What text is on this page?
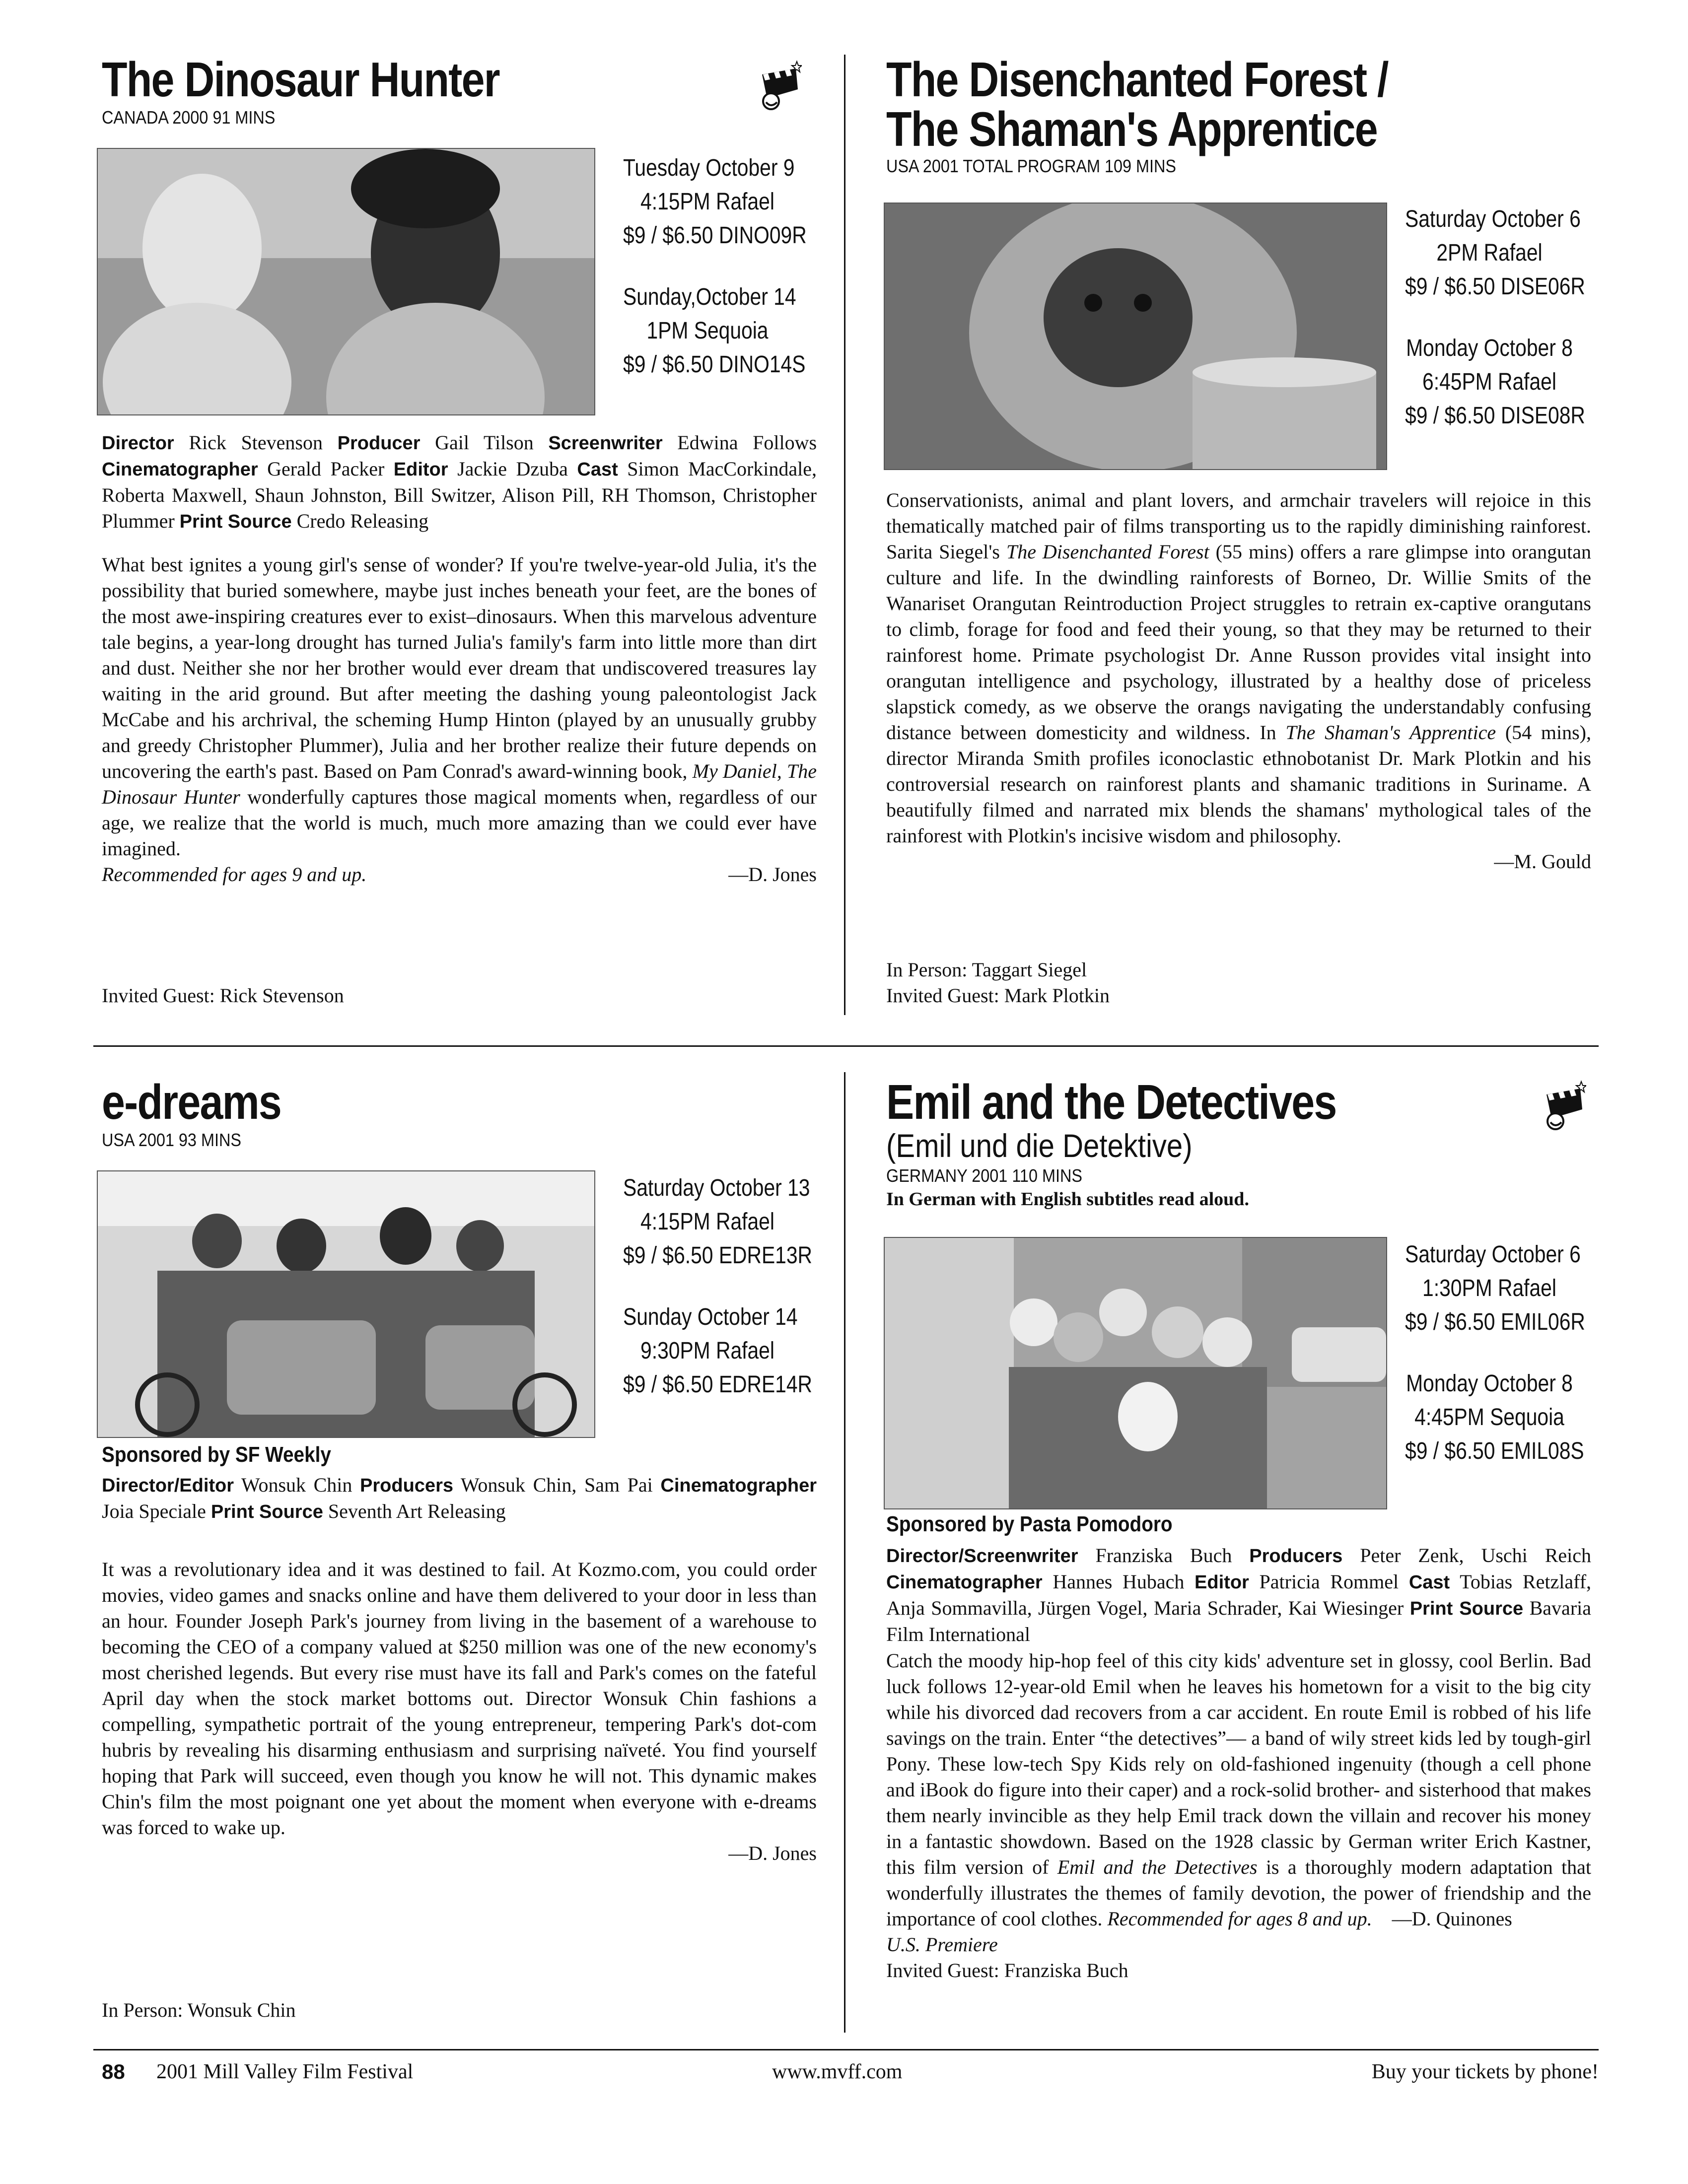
The Dinosaur Hunter
CANADA 2000 91 MINS
Tuesday October 9
4:15PM Rafael
$9 / $6.50 DINO09R
Sunday,October 14
1PM Sequoia
$9 / $6.50 DINO14S
Director Rick Stevenson Producer Gail Tilson Screenwriter Edwina Follows Cinematographer Gerald Packer Editor Jackie Dzuba Cast Simon MacCorkindale, Roberta Maxwell, Shaun Johnston, Bill Switzer, Alison Pill, RH Thomson, Christopher Plummer Print Source Credo Releasing

What best ignites a young girl's sense of wonder? If you're twelve-year-old Julia, it's the possibility that buried somewhere, maybe just inches beneath your feet, are the bones of the most awe-inspiring creatures ever to exist–dinosaurs. When this marvelous adventure tale begins, a year-long drought has turned Julia's family's farm into little more than dirt and dust. Neither she nor her brother would ever dream that undiscovered treasures lay waiting in the arid ground. But after meeting the dashing young paleontologist Jack McCabe and his archrival, the scheming Hump Hinton (played by an unusually grubby and greedy Christopher Plummer), Julia and her brother realize their future depends on uncovering the earth's past. Based on Pam Conrad's award-winning book, My Daniel, The Dinosaur Hunter wonderfully captures those magical moments when, regardless of our age, we realize that the world is much, much more amazing than we could ever have imagined.

Recommended for ages 9 and up.	—D. Jones
Invited Guest: Rick Stevenson
The Disenchanted Forest /
The Shaman's Apprentice
USA 2001 TOTAL PROGRAM 109 MINS
Saturday October 6
2PM Rafael
$9 / $6.50 DISE06R
Monday October 8
6:45PM Rafael
$9 / $6.50 DISE08R

Conservationists, animal and plant lovers, and armchair travelers will rejoice in this thematically matched pair of films transporting us to the rapidly diminishing rainforest. Sarita Siegel's The Disenchanted Forest (55 mins) offers a rare glimpse into orangutan culture and life. In the dwindling rainforests of Borneo, Dr. Willie Smits of the Wanariset Orangutan Reintroduction Project struggles to retrain ex-captive orangutans to climb, forage for food and feed their young, so that they may be returned to their rainforest home. Primate psychologist Dr. Anne Russon provides vital insight into orangutan intelligence and psychology, illustrated by a healthy dose of priceless slapstick comedy, as we observe the orangs navigating the understandably confusing distance between domesticity and wildness. In The Shaman's Apprentice (54 mins), director Miranda Smith profiles iconoclastic ethnobotanist Dr. Mark Plotkin and his controversial research on rainforest plants and shamanic traditions in Suriname. A beautifully filmed and narrated mix blends the shamans' mythological tales of the rainforest with Plotkin's incisive wisdom and philosophy.

—M. Gould
In Person: Taggart Siegel
Invited Guest: Mark Plotkin
e-dreams
USA 2001 93 MINS
Saturday October 13
4:15PM Rafael
$9 / $6.50 EDRE13R
Sunday October 14
9:30PM Rafael
$9 / $6.50 EDRE14R
Sponsored by SF Weekly
Director/Editor Wonsuk Chin Producers Wonsuk Chin, Sam Pai Cinematographer Joia Speciale Print Source Seventh Art Releasing

It was a revolutionary idea and it was destined to fail. At Kozmo.com, you could order movies, video games and snacks online and have them delivered to your door in less than an hour. Founder Joseph Park's journey from living in the basement of a warehouse to becoming the CEO of a company valued at $250 million was one of the new economy's most cherished legends. But every rise must have its fall and Park's comes on the fateful April day when the stock market bottoms out. Director Wonsuk Chin fashions a compelling, sympathetic portrait of the young entrepreneur, tempering Park's dot-com hubris by revealing his disarming enthusiasm and surprising naïveté. You find yourself hoping that Park will succeed, even though you know he will not. This dynamic makes Chin's film the most poignant one yet about the moment when everyone with e-dreams was forced to wake up.

—D. Jones
In Person: Wonsuk Chin
Emil and the Detectives
(Emil und die Detektive)
GERMANY 2001 110 MINS
In German with English subtitles read aloud.
Saturday October 6
1:30PM Rafael
$9 / $6.50 EMIL06R
Monday October 8
4:45PM Sequoia
$9 / $6.50 EMIL08S
Sponsored by Pasta Pomodoro
Director/Screenwriter Franziska Buch Producers Peter Zenk, Uschi Reich Cinematographer Hannes Hubach Editor Patricia Rommel Cast Tobias Retzlaff, Anja Sommavilla, Jürgen Vogel, Maria Schrader, Kai Wiesinger Print Source Bavaria Film International

Catch the moody hip-hop feel of this city kids' adventure set in glossy, cool Berlin. Bad luck follows 12-year-old Emil when he leaves his hometown for a visit to the big city while his divorced dad recovers from a car accident. En route Emil is robbed of his life savings on the train. Enter “the detectives”— a band of wily street kids led by tough-girl Pony. These low-tech Spy Kids rely on old-fashioned ingenuity (though a cell phone and iBook do figure into their caper) and a rock-solid brother- and sisterhood that makes them nearly invincible as they help Emil track down the villain and recover his money in a fantastic showdown. Based on the 1928 classic by German writer Erich Kastner, this film version of Emil and the Detectives is a thoroughly modern adaptation that wonderfully illustrates the themes of family devotion, the power of friendship and the importance of cool clothes. Recommended for ages 8 and up. —D. Quinones

U.S. Premiere
Invited Guest: Franziska Buch
88 2001 Mill Valley Film Festival	www.mvff.com	Buy your tickets by phone!
